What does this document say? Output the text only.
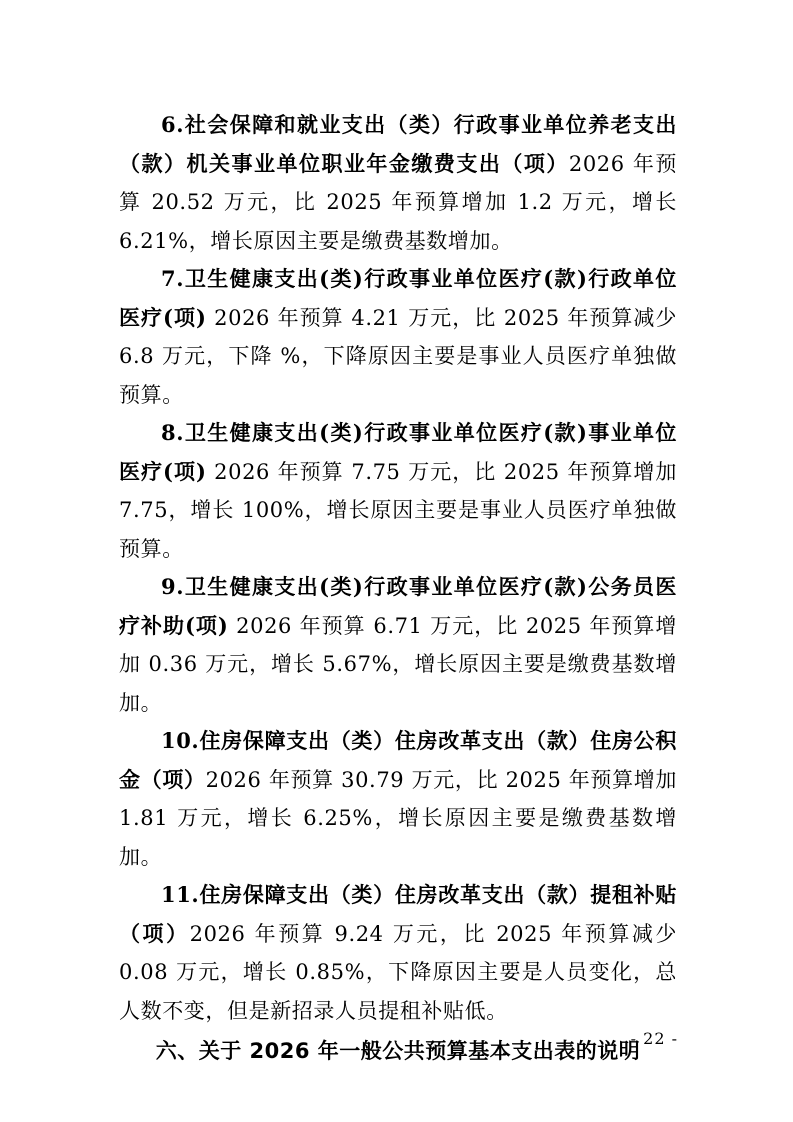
6.社会保障和就业支出（类）行政事业单位养老支出（款）机关事业单位职业年金缴费支出（项）2026 年预算 20.52 万元，比 2025 年预算增加 1.2 万元，增长 6.21%，增长原因主要是缴费基数增加。

7.卫生健康支出(类)行政事业单位医疗(款)行政单位医疗(项) 2026 年预算 4.21 万元，比 2025 年预算减少 6.8 万元，下降 %，下降原因主要是事业人员医疗单独做预算。

8.卫生健康支出(类)行政事业单位医疗(款)事业单位医疗(项) 2026 年预算 7.75 万元，比 2025 年预算增加 7.75，增长 100%，增长原因主要是事业人员医疗单独做预算。

9.卫生健康支出(类)行政事业单位医疗(款)公务员医疗补助(项) 2026 年预算 6.71 万元，比 2025 年预算增加 0.36 万元，增长 5.67%，增长原因主要是缴费基数增加。

10.住房保障支出（类）住房改革支出（款）住房公积金（项）2026 年预算 30.79 万元，比 2025 年预算增加 1.81 万元，增长 6.25%，增长原因主要是缴费基数增加。

11.住房保障支出（类）住房改革支出（款）提租补贴（项）2026 年预算 9.24 万元，比 2025 年预算减少 0.08 万元，增长 0.85%，下降原因主要是人员变化，总人数不变，但是新招录人员提租补贴低。

六、关于 2026 年一般公共预算基本支出表的说明
- 22 -
